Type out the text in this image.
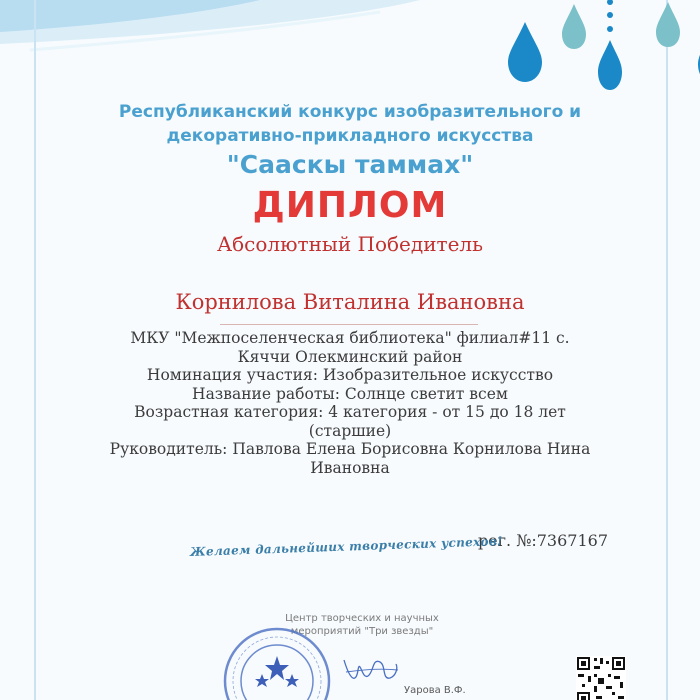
Республиканский конкурс изобразительного и
декоративно-прикладного искусства
"Сааскы таммах"
ДИПЛОМ
Абсолютный Победитель
Корнилова Виталина Ивановна
МКУ "Межпоселенческая библиотека" филиал#11 с.
Кяччи Олекминский район
Номинация участия: Изобразительное искусство
Название работы: Солнце светит всем
Возрастная категория: 4 категория - от 15 до 18 лет
(старшие)
Руководитель: Павлова Елена Борисовна Корнилова Нина
Ивановна
рег. №:7367167
Желаем дальнейших творческих успехов!
Центр творческих и научных
мероприятий "Три звезды"
Уарова В.Ф.
